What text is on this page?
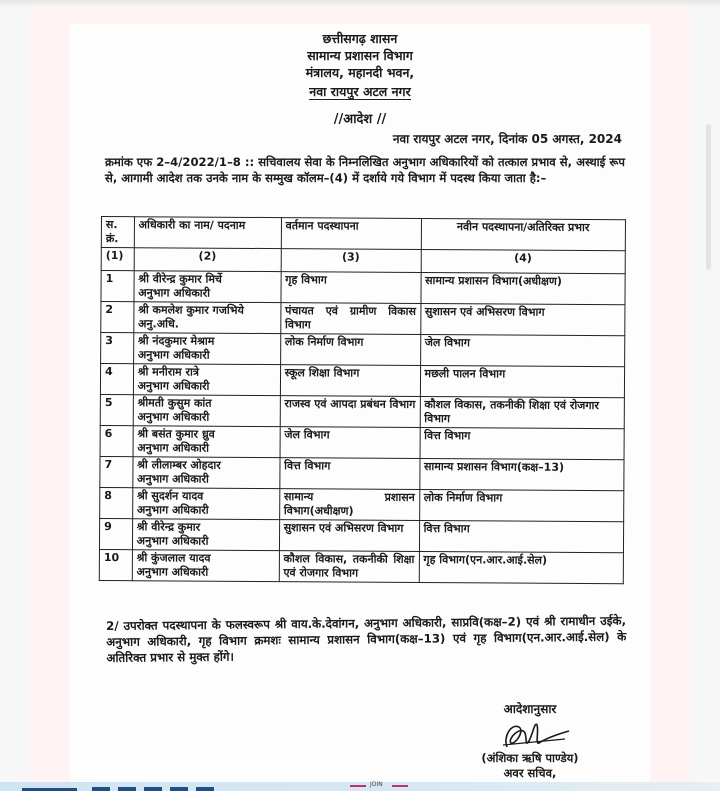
छत्तीसगढ़ शासन
सामान्य प्रशासन विभाग
मंत्रालय, महानदी भवन,
नवा रायपुर अटल नगर
//आदेश //
नवा रायपुर अटल नगर, दिनांक 05 अगस्त, 2024
क्रमांक एफ 2–4/2022/1–8 :: सचिवालय सेवा के निम्नलिखित अनुभाग अधिकारियों को तत्काल प्रभाव से, अस्थाई रूप से, आगामी आदेश तक उनके नाम के सम्मुख कॉलम–(4) में दर्शाये गये विभाग में पदस्थ किया जाता है:–
स. क्रं.	अधिकारी का नाम/ पदनाम	वर्तमान पदस्थापना	नवीन पदस्थापना/अतिरिक्त प्रभार
(1)	(2)	(3)	(4)

1	श्री वीरेन्द्र कुमार मिर्चे
अनुभाग अधिकारी	गृह विभाग	सामान्य प्रशासन विभाग(अधीक्षण)

2	श्री कमलेश कुमार गजभिये
अनु.अधि.	पंचायत एवं ग्रामीण विकास विभाग	सुशासन एवं अभिसरण विभाग

3	श्री नंदकुमार मेश्राम
अनुभाग अधिकारी	लोक निर्माण विभाग	जेल विभाग

4	श्री मनीराम रात्रे
अनुभाग अधिकारी	स्कूल शिक्षा विभाग	मछली पालन विभाग

5	श्रीमती कुसुम कांत
अनुभाग अधिकारी	राजस्व एवं आपदा प्रबंधन विभाग	कौशल विकास, तकनीकी शिक्षा एवं रोजगार विभाग

6	श्री बसंत कुमार ध्रुव
अनुभाग अधिकारी	जेल विभाग	वित्त विभाग

7	श्री लीलाम्बर ओहदार
अनुभाग अधिकारी	वित्त विभाग	सामान्य प्रशासन विभाग(कक्ष–13)

8	श्री सुदर्शन यादव
अनुभाग अधिकारी	सामान्य प्रशासन विभाग(अधीक्षण)	लोक निर्माण विभाग

9	श्री वीरेन्द्र कुमार
अनुभाग अधिकारी	सुशासन एवं अभिसरण विभाग	वित्त विभाग

10	श्री कुंजलाल यादव
अनुभाग अधिकारी	कौशल विकास, तकनीकी शिक्षा एवं रोजगार विभाग	गृह विभाग(एन.आर.आई.सेल)
2/ उपरोक्त पदस्थापना के फलस्वरूप श्री वाय.के.देवांगन, अनुभाग अधिकारी, साप्रवि(कक्ष–2) एवं श्री रामाधीन उईके, अनुभाग अधिकारी, गृह विभाग क्रमशः सामान्य प्रशासन विभाग(कक्ष–13) एवं गृह विभाग(एन.आर.आई.सेल) के अतिरिक्त प्रभार से मुक्त होंगे।
आदेशानुसार
(अंशिका ऋषि पाण्डेय)
अवर सचिव,
JOIN
